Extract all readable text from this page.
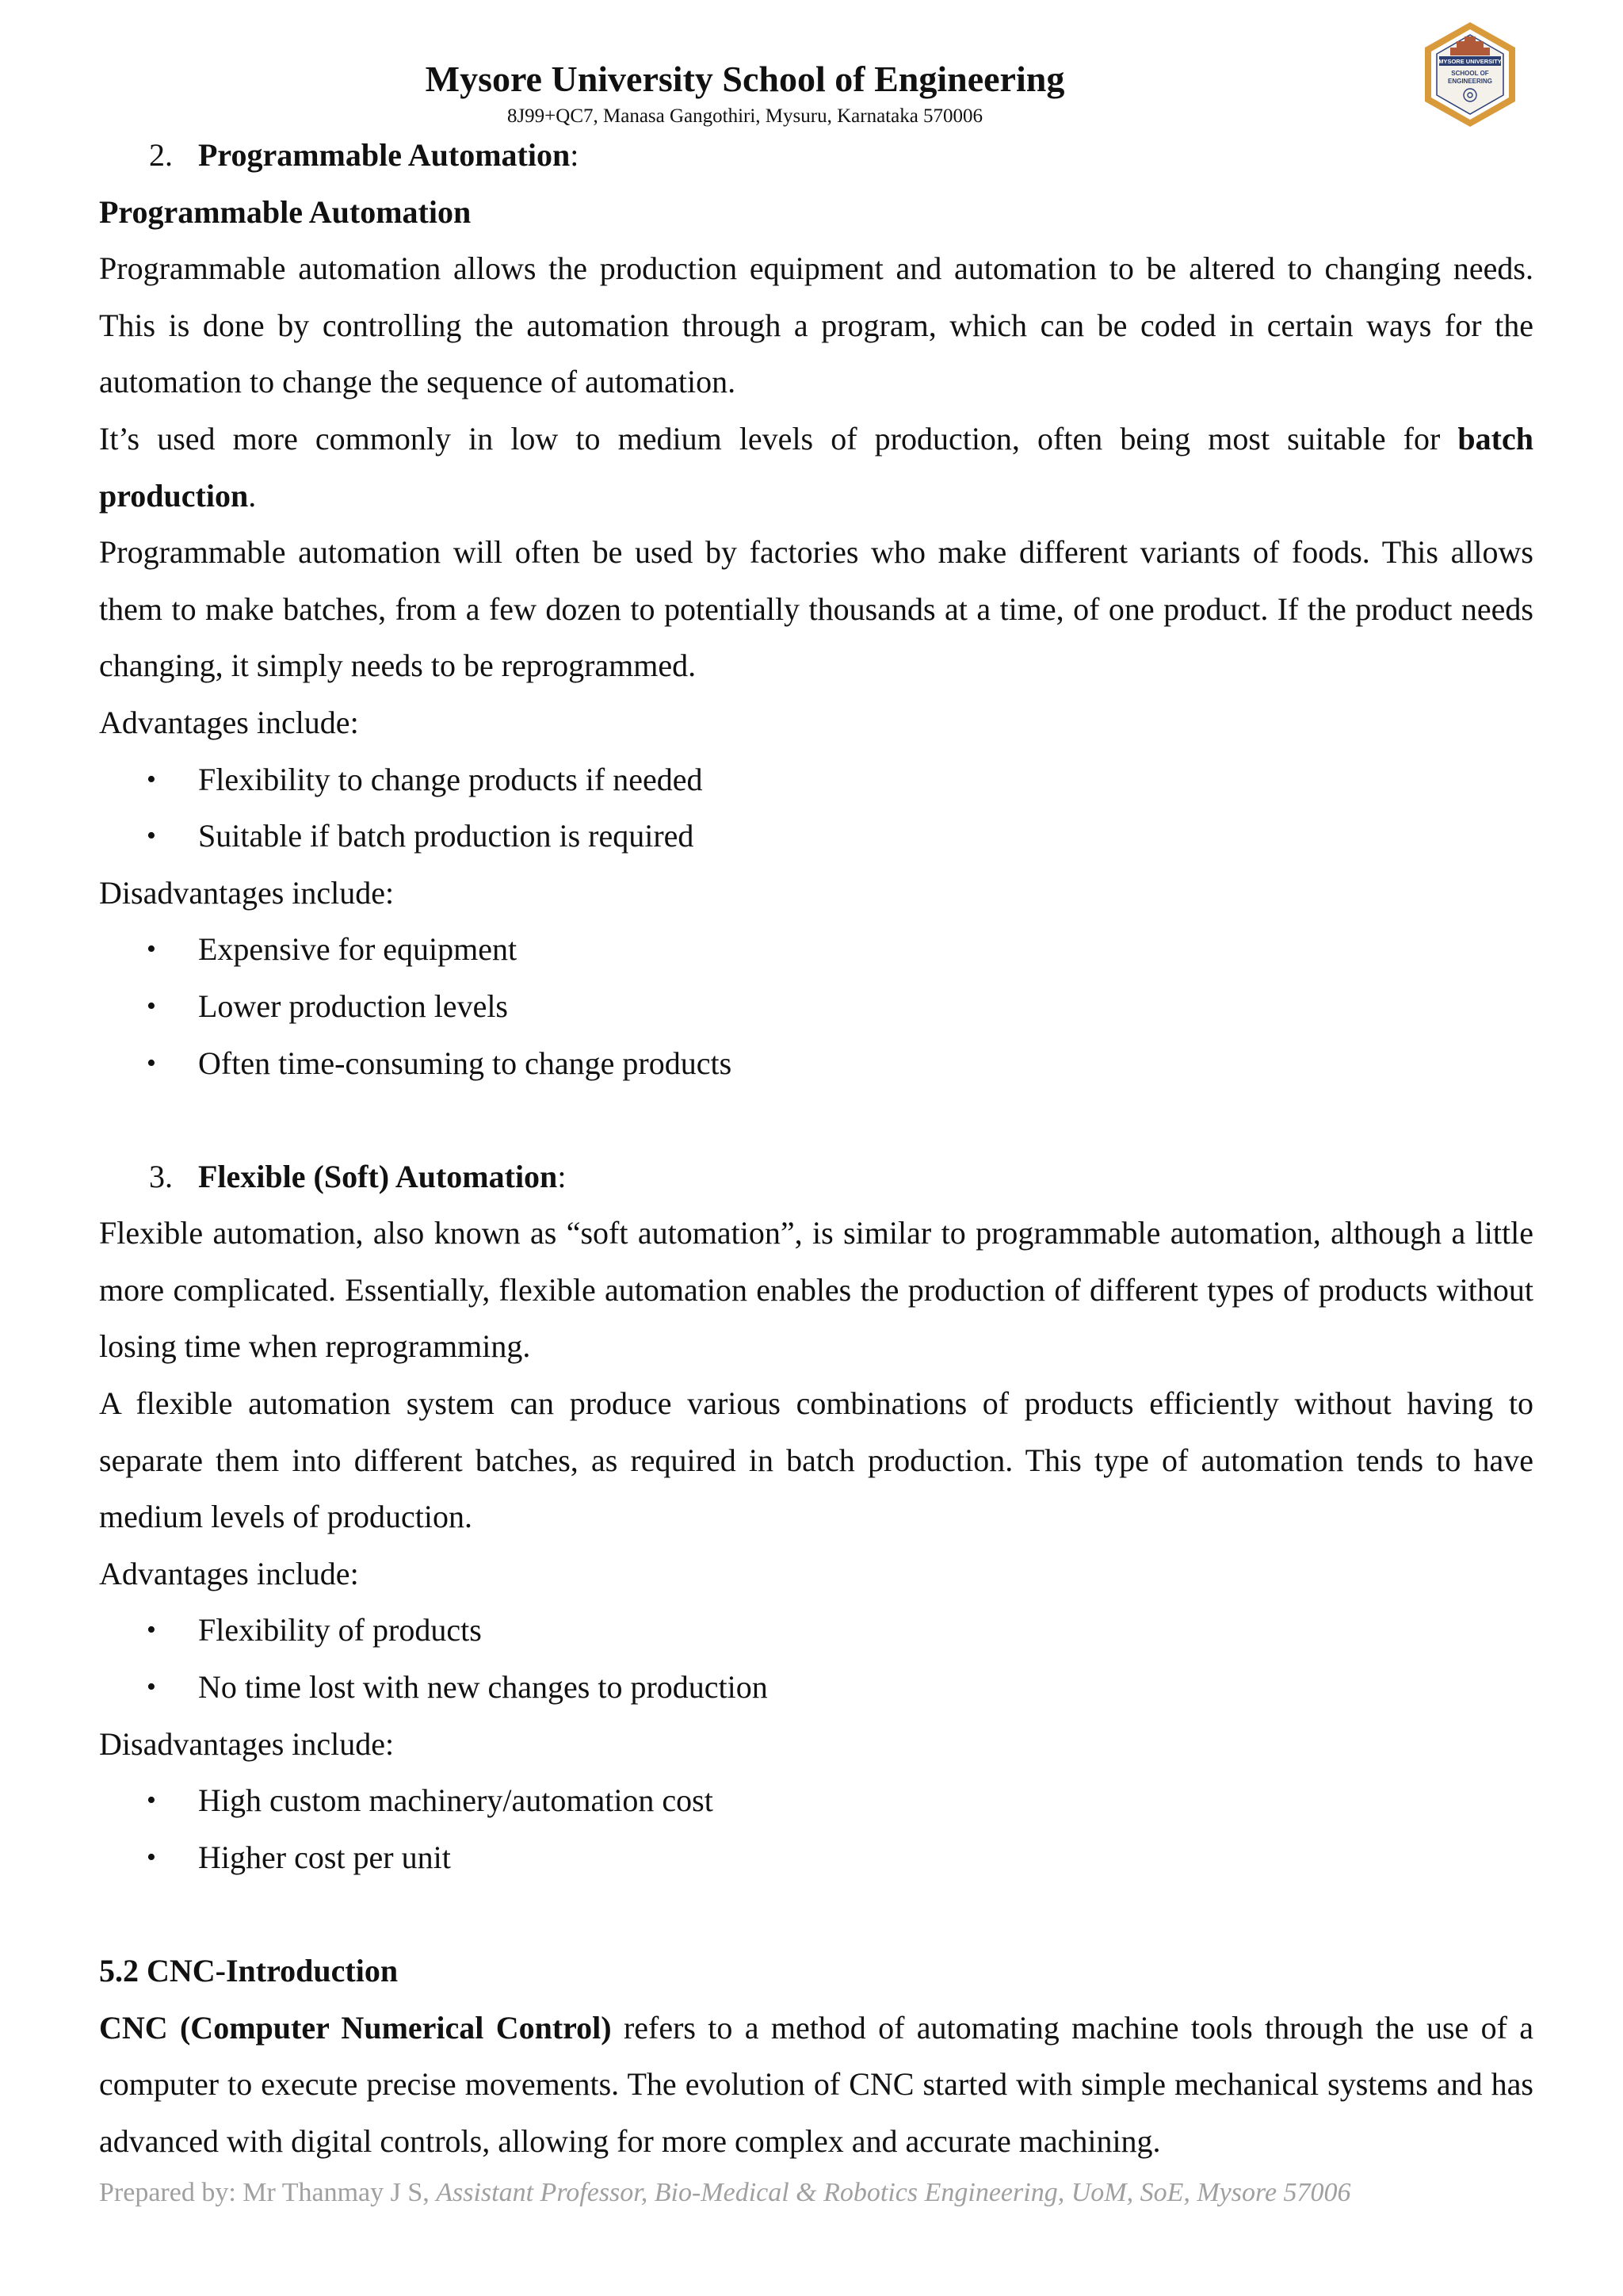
Mysore University School of Engineering
8J99+QC7, Manasa Gangothiri, Mysuru, Karnataka 570006
MYSORE UNIVERSITY
SCHOOL OF
ENGINEERING

2. Programmable Automation:

Programmable Automation

Programmable automation allows the production equipment and automation to be altered to changing needs. This is done by controlling the automation through a program, which can be coded in certain ways for the automation to change the sequence of automation.

It’s used more commonly in low to medium levels of production, often being most suitable for batch production.

Programmable automation will often be used by factories who make different variants of foods. This allows them to make batches, from a few dozen to potentially thousands at a time, of one product. If the product needs changing, it simply needs to be reprogrammed.

Advantages include:

• Flexibility to change products if needed
• Suitable if batch production is required

Disadvantages include:

• Expensive for equipment
• Lower production levels
• Often time-consuming to change products

3. Flexible (Soft) Automation:

Flexible automation, also known as “soft automation”, is similar to programmable automation, although a little more complicated. Essentially, flexible automation enables the production of different types of products without losing time when reprogramming.

A flexible automation system can produce various combinations of products efficiently without having to separate them into different batches, as required in batch production. This type of automation tends to have medium levels of production.

Advantages include:

• Flexibility of products
• No time lost with new changes to production

Disadvantages include:

• High custom machinery/automation cost
• Higher cost per unit

5.2 CNC-Introduction

CNC (Computer Numerical Control) refers to a method of automating machine tools through the use of a computer to execute precise movements. The evolution of CNC started with simple mechanical systems and has advanced with digital controls, allowing for more complex and accurate machining.

Prepared by: Mr Thanmay J S, Assistant Professor, Bio-Medical & Robotics Engineering, UoM, SoE, Mysore 57006
